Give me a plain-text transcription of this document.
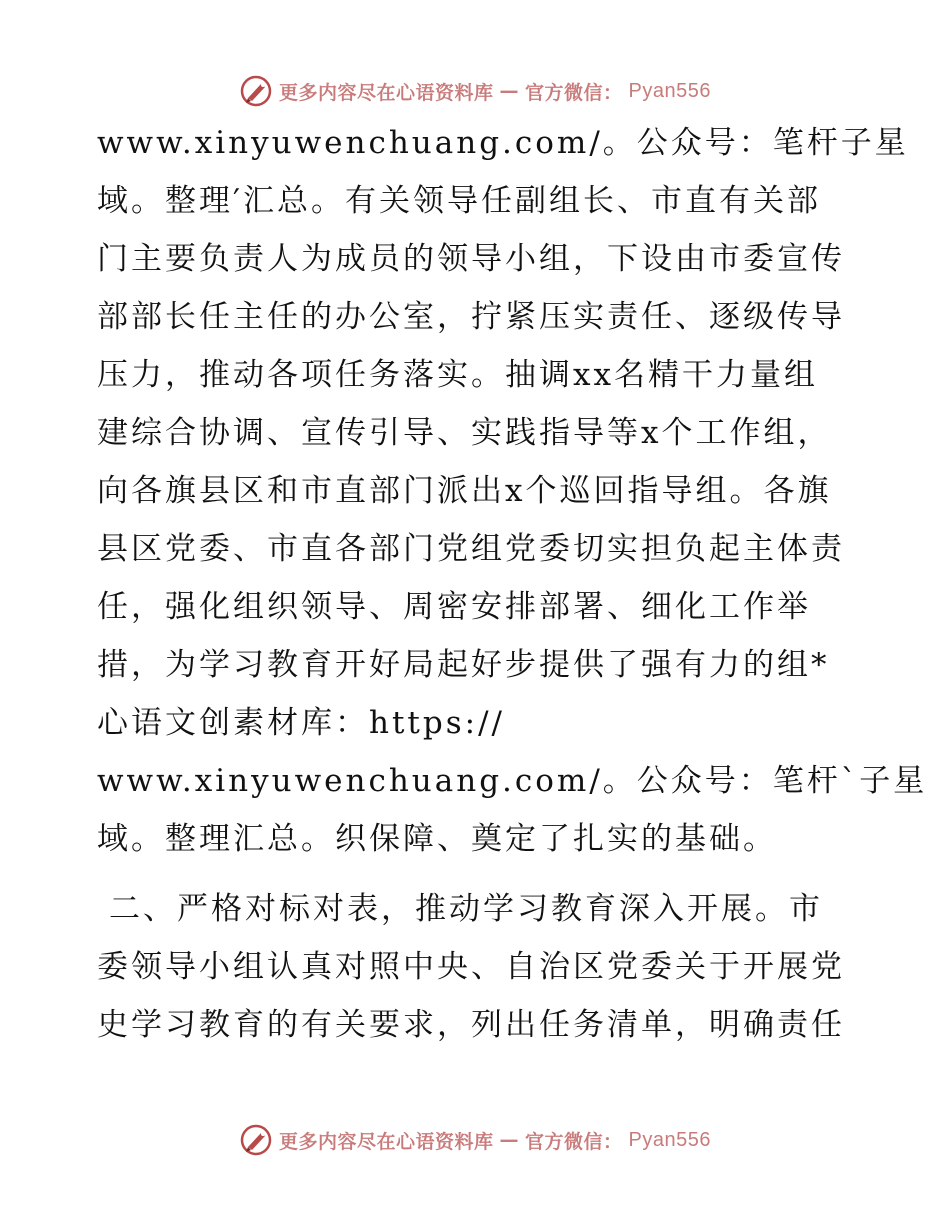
更多内容尽在心语资料库 — 官方微信： Pyan556
www.xinyuwenchuang.com/。公众号：笔杆子星
域。整理′汇总。有关领导任副组长、市直有关部
门主要负责人为成员的领导小组，下设由市委宣传
部部长任主任的办公室，拧紧压实责任、逐级传导
压力，推动各项任务落实。抽调xx名精干力量组
建综合协调、宣传引导、实践指导等x个工作组，
向各旗县区和市直部门派出x个巡回指导组。各旗
县区党委、市直各部门党组党委切实担负起主体责
任，强化组织领导、周密安排部署、细化工作举
措，为学习教育开好局起好步提供了强有力的组*
心语文创素材库：https://
www.xinyuwenchuang.com/。公众号：笔杆`子星
域。整理汇总。织保障、奠定了扎实的基础。
二、严格对标对表，推动学习教育深入开展。市
委领导小组认真对照中央、自治区党委关于开展党
史学习教育的有关要求，列出任务清单，明确责任
更多内容尽在心语资料库 — 官方微信： Pyan556
